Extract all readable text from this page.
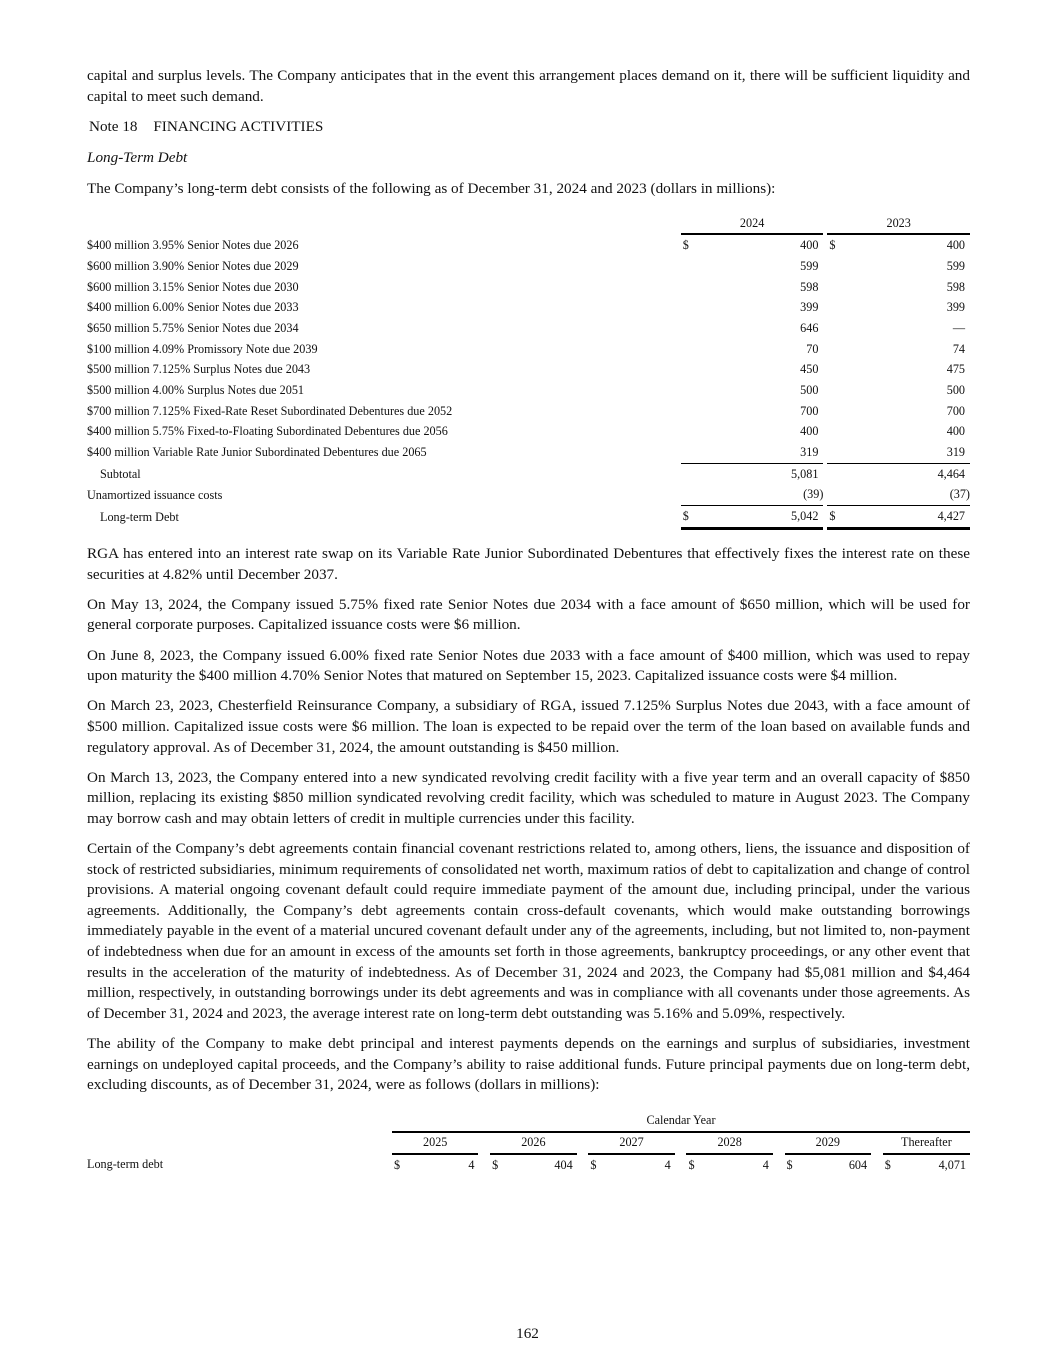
capital and surplus levels. The Company anticipates that in the event this arrangement places demand on it, there will be sufficient liquidity and capital to meet such demand.

Note 18 FINANCING ACTIVITIES
Long-Term Debt

The Company’s long-term debt consists of the following as of December 31, 2024 and 2023 (dollars in millions):

		2024			2023	
$400 million 3.95% Senior Notes due 2026		$	400		$	400
$600 million 3.90% Senior Notes due 2029			599			599
$600 million 3.15% Senior Notes due 2030			598			598
$400 million 6.00% Senior Notes due 2033			399			399
$650 million 5.75% Senior Notes due 2034			646			—
$100 million 4.09% Promissory Note due 2039			70			74
$500 million 7.125% Surplus Notes due 2043			450			475
$500 million 4.00% Surplus Notes due 2051			500			500
$700 million 7.125% Fixed-Rate Reset Subordinated Debentures due 2052			700			700
$400 million 5.75% Fixed-to-Floating Subordinated Debentures due 2056			400			400
$400 million Variable Rate Junior Subordinated Debentures due 2065			319			319
Subtotal			5,081			4,464
Unamortized issuance costs			(39)			(37)
Long-term Debt		$	5,042		$	4,427

RGA has entered into an interest rate swap on its Variable Rate Junior Subordinated Debentures that effectively fixes the interest rate on these securities at 4.82% until December 2037.

On May 13, 2024, the Company issued 5.75% fixed rate Senior Notes due 2034 with a face amount of $650 million, which will be used for general corporate purposes. Capitalized issuance costs were $6 million.

On June 8, 2023, the Company issued 6.00% fixed rate Senior Notes due 2033 with a face amount of $400 million, which was used to repay upon maturity the $400 million 4.70% Senior Notes that matured on September 15, 2023. Capitalized issuance costs were $4 million.

On March 23, 2023, Chesterfield Reinsurance Company, a subsidiary of RGA, issued 7.125% Surplus Notes due 2043, with a face amount of $500 million. Capitalized issue costs were $6 million. The loan is expected to be repaid over the term of the loan based on available funds and regulatory approval. As of December 31, 2024, the amount outstanding is $450 million.

On March 13, 2023, the Company entered into a new syndicated revolving credit facility with a five year term and an overall capacity of $850 million, replacing its existing $850 million syndicated revolving credit facility, which was scheduled to mature in August 2023. The Company may borrow cash and may obtain letters of credit in multiple currencies under this facility.

Certain of the Company’s debt agreements contain financial covenant restrictions related to, among others, liens, the issuance and disposition of stock of restricted subsidiaries, minimum requirements of consolidated net worth, maximum ratios of debt to capitalization and change of control provisions. A material ongoing covenant default could require immediate payment of the amount due, including principal, under the various agreements. Additionally, the Company’s debt agreements contain cross-default covenants, which would make outstanding borrowings immediately payable in the event of a material uncured covenant default under any of the agreements, including, but not limited to, non-payment of indebtedness when due for an amount in excess of the amounts set forth in those agreements, bankruptcy proceedings, or any other event that results in the acceleration of the maturity of indebtedness. As of December 31, 2024 and 2023, the Company had $5,081 million and $4,464 million, respectively, in outstanding borrowings under its debt agreements and was in compliance with all covenants under those agreements. As of December 31, 2024 and 2023, the average interest rate on long-term debt outstanding was 5.16% and 5.09%, respectively.

The ability of the Company to make debt principal and interest payments depends on the earnings and surplus of subsidiaries, investment earnings on undeployed capital proceeds, and the Company’s ability to raise additional funds. Future principal payments due on long-term debt, excluding discounts, as of December 31, 2024, were as follows (dollars in millions):

	Calendar Year																
	2025			2026			2027			2028			2029			Thereafter	
Long-term debt	$	4		$	404		$	4		$	4		$	604		$	4,071
162
